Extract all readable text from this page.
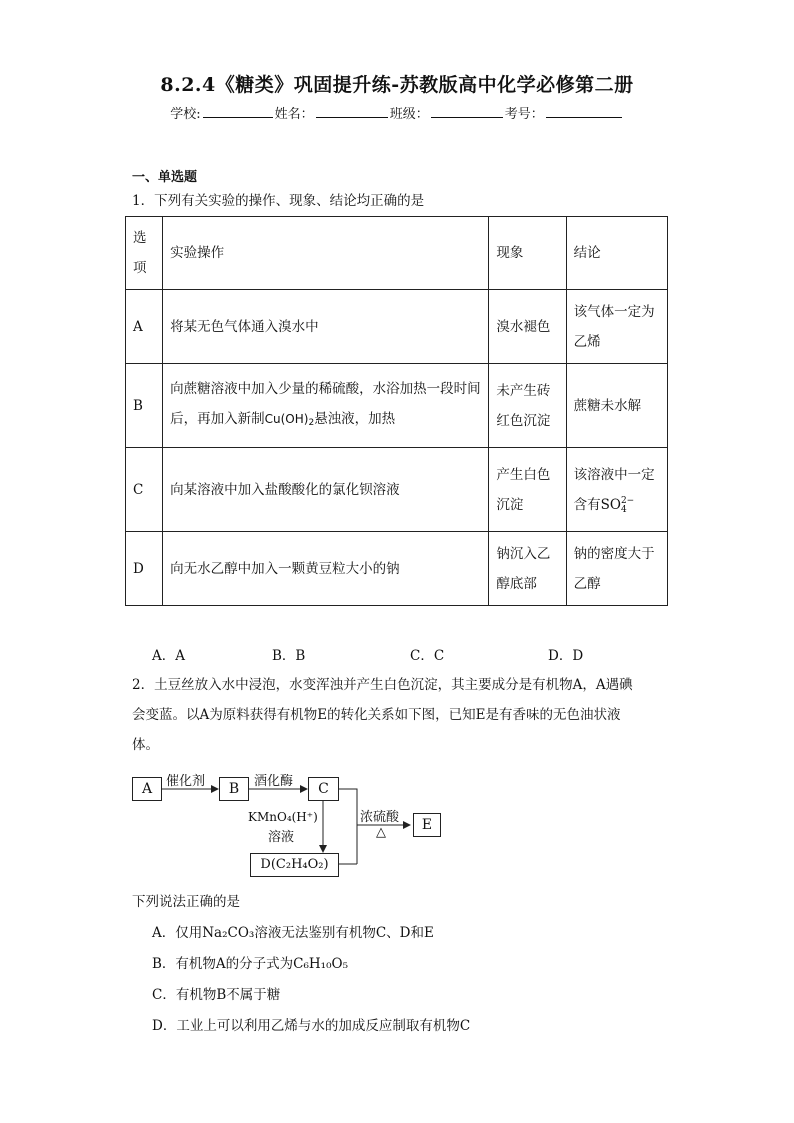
8.2.4《糖类》巩固提升练-苏教版高中化学必修第二册
学校:	姓名：	班级：	考号：
一、单选题
1．下列有关实验的操作、现象、结论均正确的是
选项	实验操作	现象	结论
A	将某无色气体通入溴水中	溴水褪色	该气体一定为乙烯
B	向蔗糖溶液中加入少量的稀硫酸，水浴加热一段时间后，再加入新制$Cu(OH)_2$悬浊液，加热	未产生砖红色沉淀	蔗糖未水解
C	向某溶液中加入盐酸酸化的氯化钡溶液	产生白色沉淀	该溶液中一定含有SO 2−
4

D	向无水乙醇中加入一颗黄豆粒大小的钠	钠沉入乙醇底部	钠的密度大于乙醇
A．A	B．B	C．C	D．D
2．土豆丝放入水中浸泡，水变浑浊并产生白色沉淀，其主要成分是有机物A，A遇碘
会变蓝。以A为原料获得有机物E的转化关系如下图，已知E是有香味的无色油状液
体。
A	B	C
E
D(C₂H₄O₂)
催化剂	酒化酶
KMnO₄(H⁺)
溶液
浓硫酸
△
下列说法正确的是
A．仅用Na₂CO₃溶液无法鉴别有机物C、D和E
B．有机物A的分子式为C₆H₁₀O₅
C．有机物B不属于糖
D．工业上可以利用乙烯与水的加成反应制取有机物C
